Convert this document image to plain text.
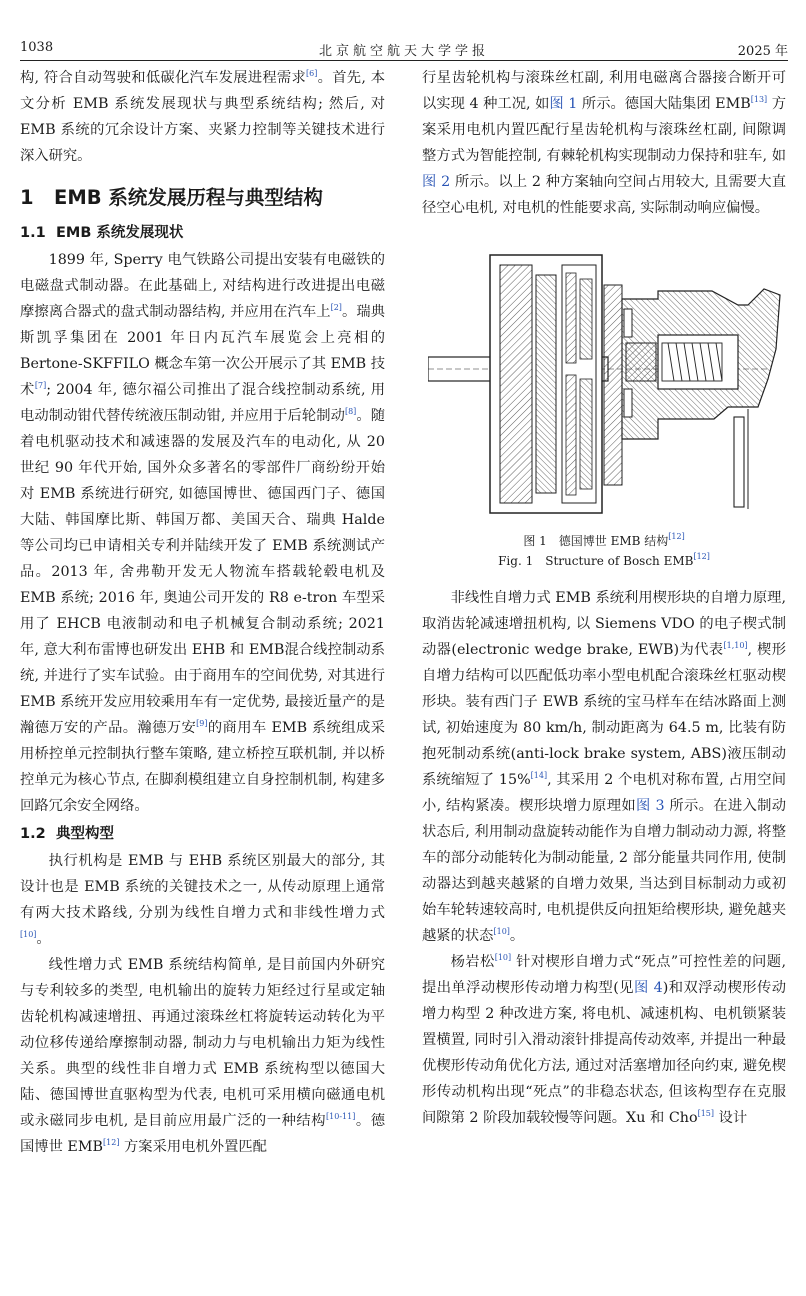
1038	北京航空航天大学学报	2025 年

构, 符合自动驾驶和低碳化汽车发展进程需求[6]。首先, 本文分析 EMB 系统发展现状与典型系统结构; 然后, 对 EMB 系统的冗余设计方案、夹紧力控制等关键技术进行深入研究。

1 EMB 系统发展历程与典型结构
1.1 EMB 系统发展现状

1899 年, Sperry 电气铁路公司提出安装有电磁铁的电磁盘式制动器。在此基础上, 对结构进行改进提出电磁摩擦离合器式的盘式制动器结构, 并应用在汽车上[2]。瑞典斯凯孚集团在 2001 年日内瓦汽车展览会上亮相的 Bertone-SKFFILO 概念车第一次公开展示了其 EMB 技术[7]; 2004 年, 德尔福公司推出了混合线控制动系统, 用电动制动钳代替传统液压制动钳, 并应用于后轮制动[8]。随着电机驱动技术和减速器的发展及汽车的电动化, 从 20 世纪 90 年代开始, 国外众多著名的零部件厂商纷纷开始对 EMB 系统进行研究, 如德国博世、德国西门子、德国大陆、韩国摩比斯、韩国万都、美国天合、瑞典 Halde 等公司均已申请相关专利并陆续开发了 EMB 系统测试产品。2013 年, 舍弗勒开发无人物流车搭载轮毂电机及 EMB 系统; 2016 年, 奥迪公司开发的 R8 e-tron 车型采用了 EHCB 电液制动和电子机械复合制动系统; 2021 年, 意大利布雷博也研发出 EHB 和 EMB混合线控制动系统, 并进行了实车试验。由于商用车的空间优势, 对其进行 EMB 系统开发应用较乘用车有一定优势, 最接近量产的是瀚德万安的产品。瀚德万安[9]的商用车 EMB 系统组成采用桥控单元控制执行整车策略, 建立桥控互联机制, 并以桥控单元为核心节点, 在脚刹模组建立自身控制机制, 构建多回路冗余安全网络。

1.2 典型构型

执行机构是 EMB 与 EHB 系统区别最大的部分, 其设计也是 EMB 系统的关键技术之一, 从传动原理上通常有两大技术路线, 分别为线性自增力式和非线性增力式[10]。

线性增力式 EMB 系统结构简单, 是目前国内外研究与专利较多的类型, 电机输出的旋转力矩经过行星或定轴齿轮机构减速增扭、再通过滚珠丝杠将旋转运动转化为平动位移传递给摩擦制动器, 制动力与电机输出力矩为线性关系。典型的线性非自增力式 EMB 系统构型以德国大陆、德国博世直驱构型为代表, 电机可采用横向磁通电机或永磁同步电机, 是目前应用最广泛的一种结构[10-11]。德国博世 EMB[12] 方案采用电机外置匹配

行星齿轮机构与滚珠丝杠副, 利用电磁离合器接合断开可以实现 4 种工况, 如图 1 所示。德国大陆集团 EMB[13] 方案采用电机内置匹配行星齿轮机构与滚珠丝杠副, 间隙调整方式为智能控制, 有棘轮机构实现制动力保持和驻车, 如图 2 所示。以上 2 种方案轴向空间占用较大, 且需要大直径空心电机, 对电机的性能要求高, 实际制动响应偏慢。

图 1　德国博世 EMB 结构[12]
Fig. 1　Structure of Bosch EMB[12]

非线性自增力式 EMB 系统利用楔形块的自增力原理, 取消齿轮减速增扭机构, 以 Siemens VDO 的电子楔式制动器(electronic wedge brake, EWB)为代表[1,10], 楔形自增力结构可以匹配低功率小型电机配合滚珠丝杠驱动楔形块。装有西门子 EWB 系统的宝马样车在结冰路面上测试, 初始速度为 80 km/h, 制动距离为 64.5 m, 比装有防抱死制动系统(anti-lock brake system, ABS)液压制动系统缩短了 15%[14], 其采用 2 个电机对称布置, 占用空间小, 结构紧凑。楔形块增力原理如图 3 所示。在进入制动状态后, 利用制动盘旋转动能作为自增力制动动力源, 将整车的部分动能转化为制动能量, 2 部分能量共同作用, 使制动器达到越夹越紧的自增力效果, 当达到目标制动力或初始车轮转速较高时, 电机提供反向扭矩给楔形块, 避免越夹越紧的状态[10]。

杨岩松[10] 针对楔形自增力式“死点”可控性差的问题, 提出单浮动楔形传动增力构型(见图 4)和双浮动楔形传动增力构型 2 种改进方案, 将电机、减速机构、电机锁紧装置横置, 同时引入滑动滚针排提高传动效率, 并提出一种最优楔形传动角优化方法, 通过对活塞增加径向约束, 避免楔形传动机构出现“死点”的非稳态状态, 但该构型存在克服间隙第 2 阶段加载较慢等问题。Xu 和 Cho[15] 设计
